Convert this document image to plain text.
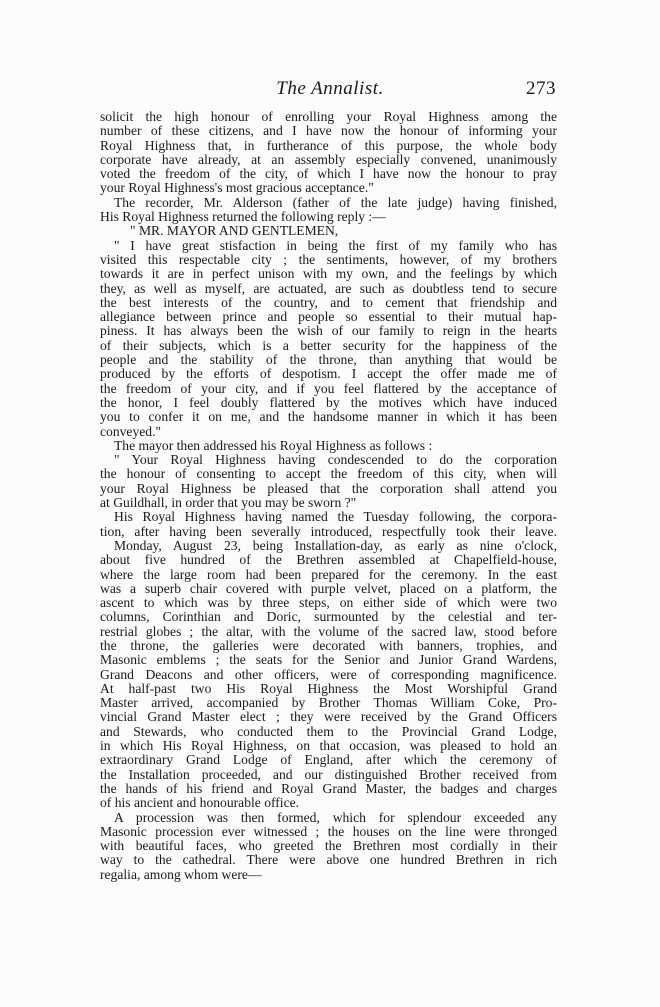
The Annalist.	273
solicit the high honour of enrolling your Royal Highness among the
number of these citizens, and I have now the honour of informing your
Royal Highness that, in furtherance of this purpose, the whole body
corporate have already, at an assembly especially convened, unanimously
voted the freedom of the city, of which I have now the honour to pray
your Royal Highness's most gracious acceptance."
The recorder, Mr. Alderson (father of the late judge) having finished,
His Royal Highness returned the following reply :—
" MR. MAYOR AND GENTLEMEN,
" I have great stisfaction in being the first of my family who has
visited this respectable city ; the sentiments, however, of my brothers
towards it are in perfect unison with my own, and the feelings by which
they, as well as myself, are actuated, are such as doubtless tend to secure
the best interests of the country, and to cement that friendship and
allegiance between prince and people so essential to their mutual hap-
piness. It has always been the wish of our family to reign in the hearts
of their subjects, which is a better security for the happiness of the
people and the stability of the throne, than anything that would be
produced by the efforts of despotism. I accept the offer made me of
the freedom of your city, and if you feel flattered by the acceptance of
the honor, I feel doubly flattered by the motives which have induced
you to confer it on me, and the handsome manner in which it has been
conveyed."
The mayor then addressed his Royal Highness as follows :
" Your Royal Highness having condescended to do the corporation
the honour of consenting to accept the freedom of this city, when will
your Royal Highness be pleased that the corporation shall attend you
at Guildhall, in order that you may be sworn ?"
His Royal Highness having named the Tuesday following, the corpora-
tion, after having been severally introduced, respectfully took their leave.
Monday, August 23, being Installation-day, as early as nine o'clock,
about five hundred of the Brethren assembled at Chapelfield-house,
where the large room had been prepared for the ceremony. In the east
was a superb chair covered with purple velvet, placed on a platform, the
ascent to which was by three steps, on either side of which were two
columns, Corinthian and Doric, surmounted by the celestial and ter-
restrial globes ; the altar, with the volume of the sacred law, stood before
the throne, the galleries were decorated with banners, trophies, and
Masonic emblems ; the seats for the Senior and Junior Grand Wardens,
Grand Deacons and other officers, were of corresponding magnificence.
At half-past two His Royal Highness the Most Worshipful Grand
Master arrived, accompanied by Brother Thomas William Coke, Pro-
vincial Grand Master elect ; they were received by the Grand Officers
and Stewards, who conducted them to the Provincial Grand Lodge,
in which His Royal Highness, on that occasion, was pleased to hold an
extraordinary Grand Lodge of England, after which the ceremony of
the Installation proceeded, and our distinguished Brother received from
the hands of his friend and Royal Grand Master, the badges and charges
of his ancient and honourable office.
A procession was then formed, which for splendour exceeded any
Masonic procession ever witnessed ; the houses on the line were thronged
with beautiful faces, who greeted the Brethren most cordially in their
way to the cathedral. There were above one hundred Brethren in rich
regalia, among whom were—
